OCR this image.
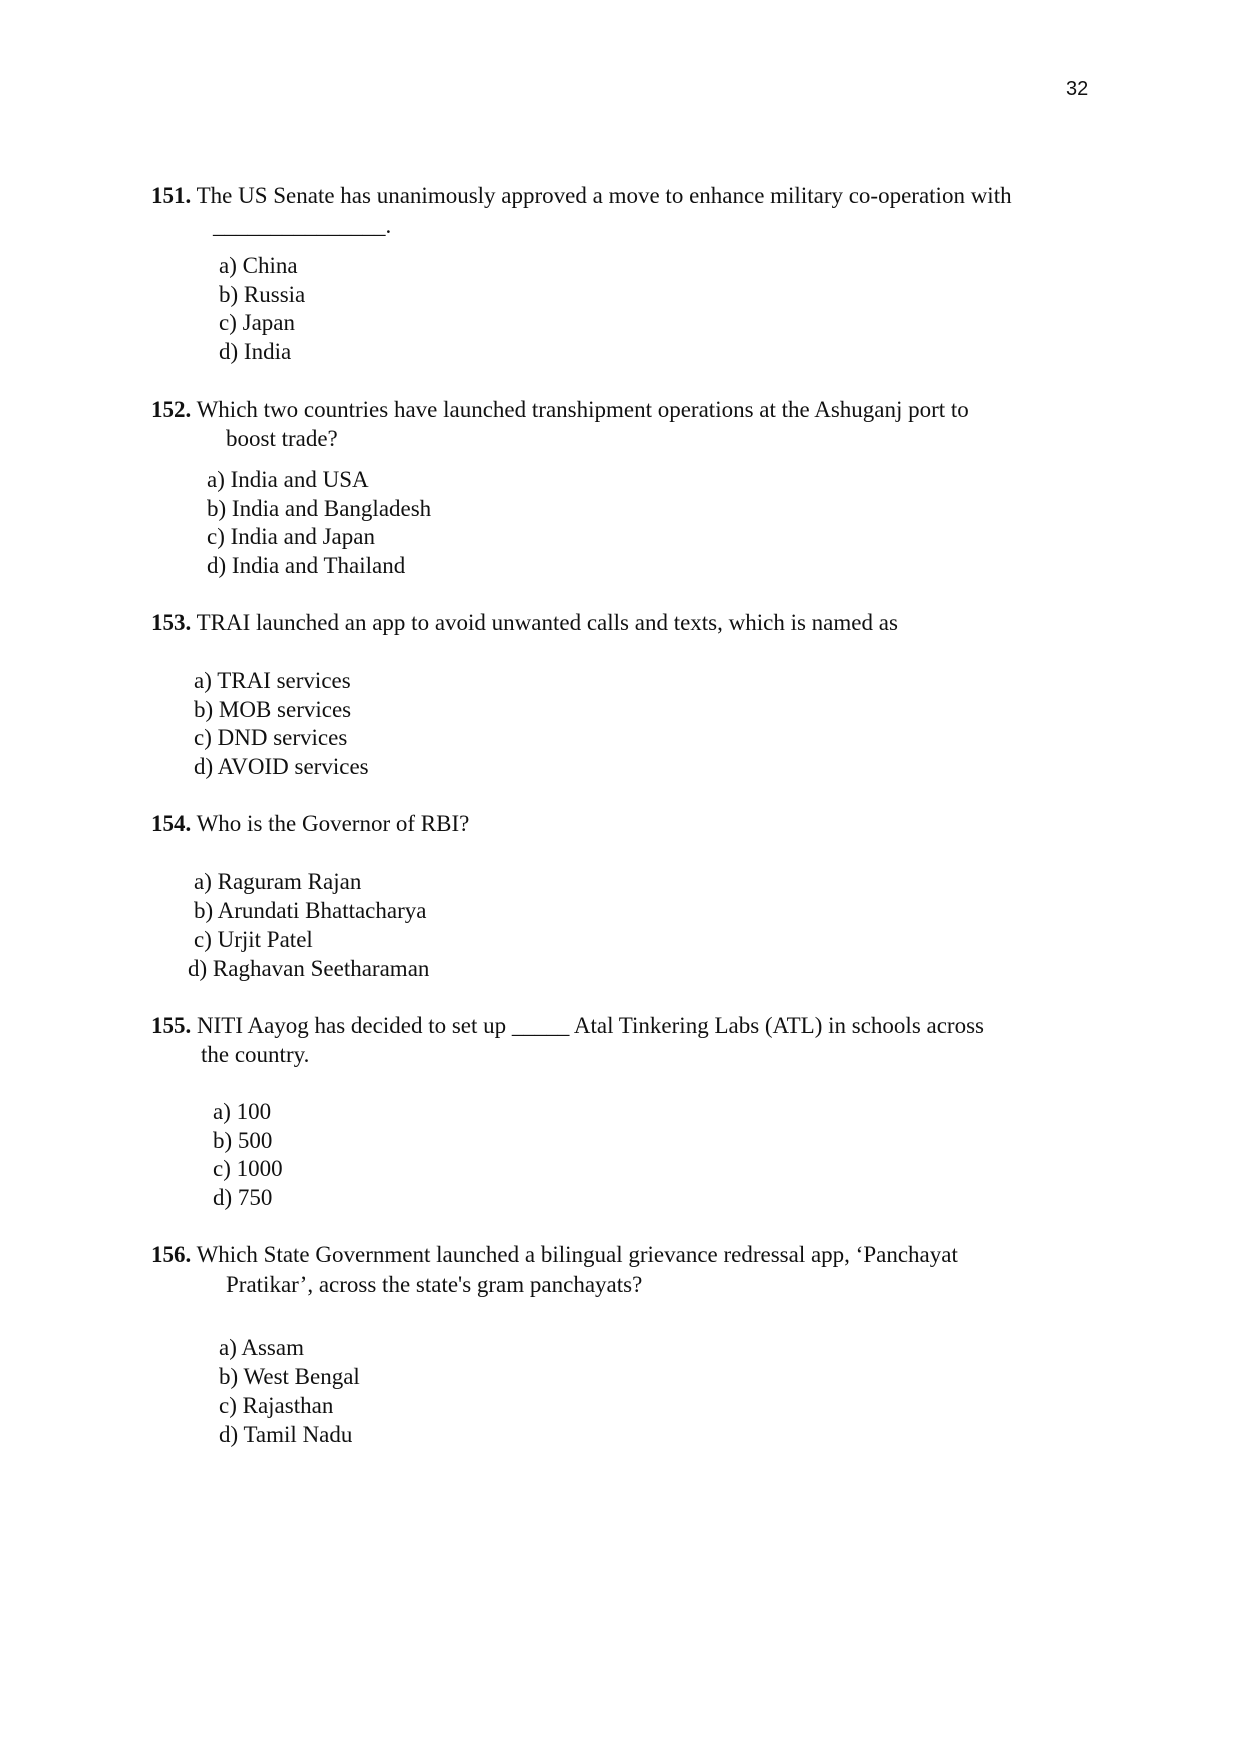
32
151. The US Senate has unanimously approved a move to enhance military co-operation with
_______________.
a) China
b) Russia
c) Japan
d) India
152. Which two countries have launched transhipment operations at the Ashuganj port to
boost trade?
a) India and USA
b) India and Bangladesh
c) India and Japan
d) India and Thailand
153. TRAI launched an app to avoid unwanted calls and texts, which is named as
a) TRAI services
b) MOB services
c) DND services
d) AVOID services
154. Who is the Governor of RBI?
a) Raguram Rajan
b) Arundati Bhattacharya
c) Urjit Patel
d) Raghavan Seetharaman
155. NITI Aayog has decided to set up _____ Atal Tinkering Labs (ATL) in schools across
the country.
a) 100
b) 500
c) 1000
d) 750
156. Which State Government launched a bilingual grievance redressal app, ‘Panchayat
Pratikar’, across the state's gram panchayats?
a) Assam
b) West Bengal
c) Rajasthan
d) Tamil Nadu
